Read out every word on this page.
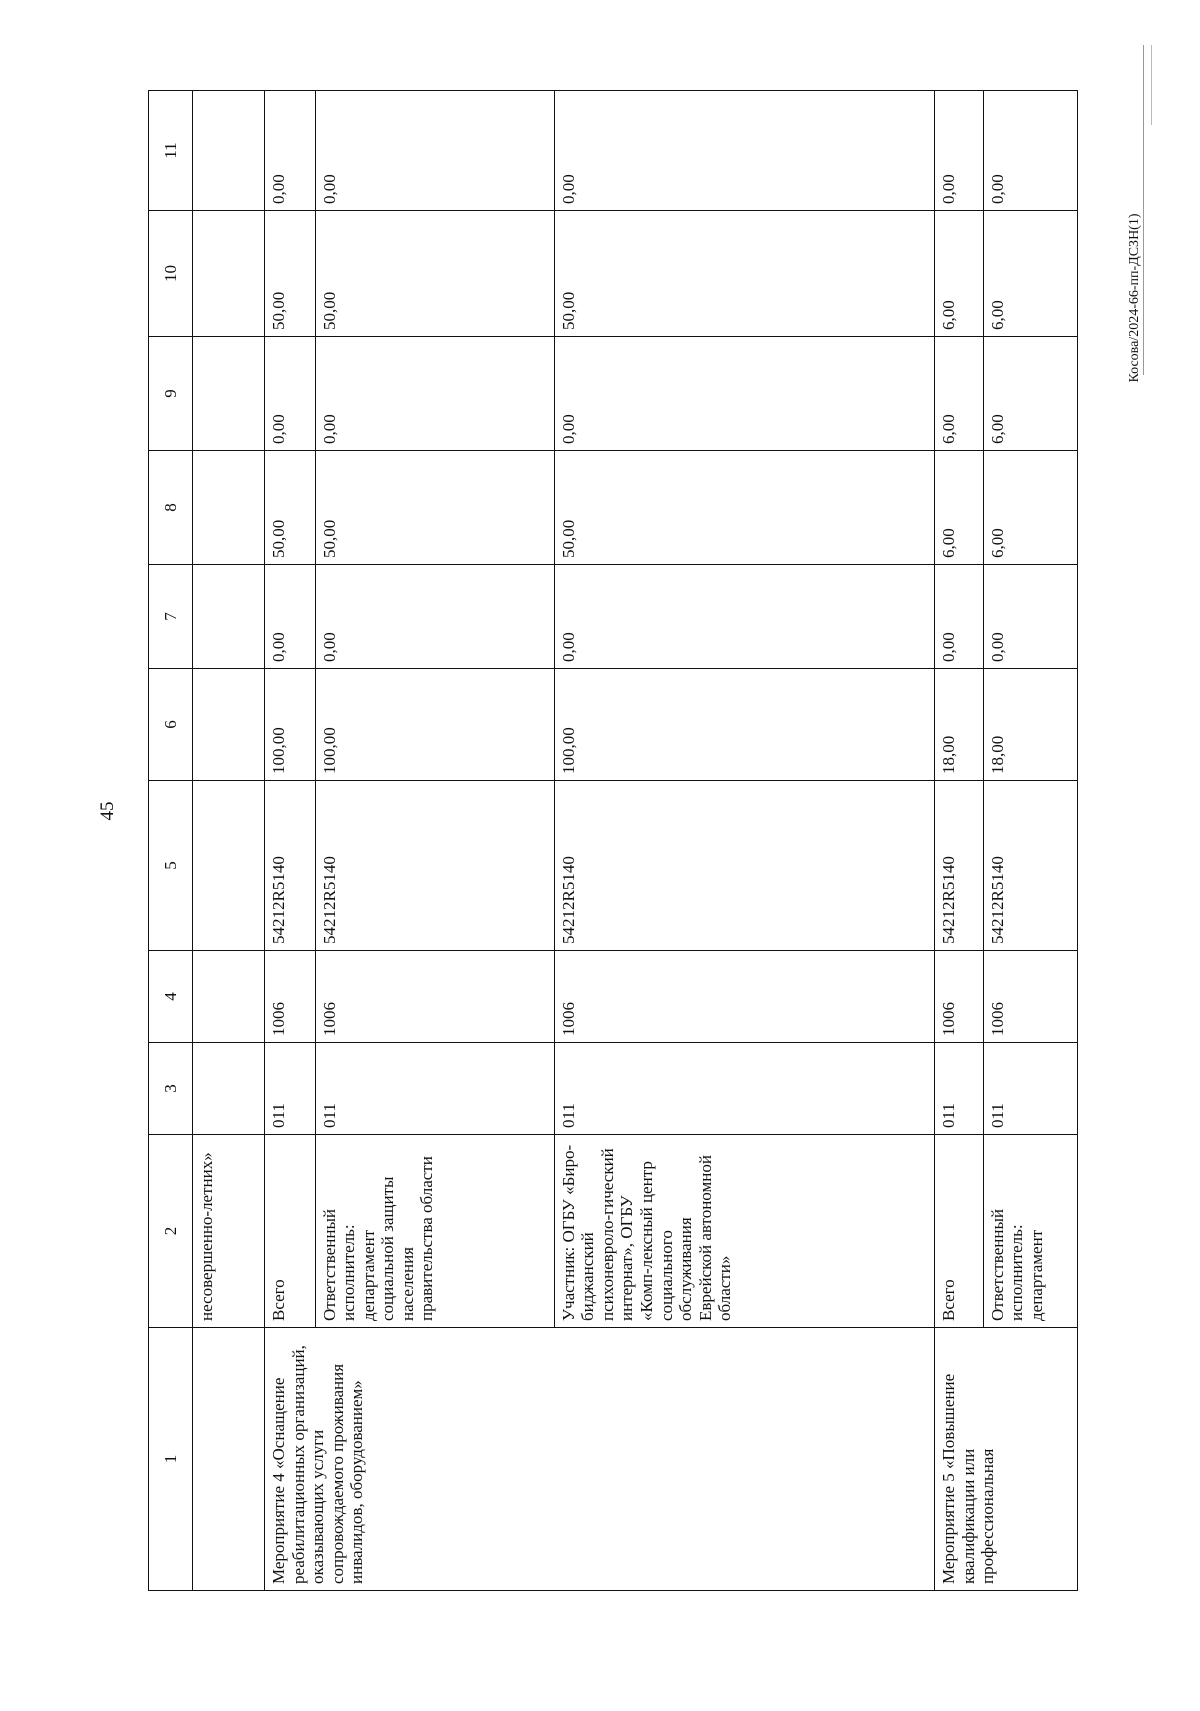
45
Косова/2024-66-пп-ДСЗН(1)
1	2	3	4	5	6	7	8	9	10	11
	несовершенно-летних»									
Мероприятие 4 «Оснащение реабилитационных организаций, оказывающих услуги сопровождаемого проживания инвалидов, оборудованием»	Всего	011	1006	54212R5140	100,00	0,00	50,00	0,00	50,00	0,00
	Ответственный исполнитель: департамент социальной защиты населения правительства области	011	1006	54212R5140	100,00	0,00	50,00	0,00	50,00	0,00
	Участник: ОГБУ «Биро-биджанский психоневроло-гический интернат», ОГБУ «Комп-лексный центр социального обслуживания Еврейской автономной области»	011	1006	54212R5140	100,00	0,00	50,00	0,00	50,00	0,00
Мероприятие 5 «Повышение квалификации или профессиональная	Всего	011	1006	54212R5140	18,00	0,00	6,00	6,00	6,00	0,00
	Ответственный исполнитель: департамент	011	1006	54212R5140	18,00	0,00	6,00	6,00	6,00	0,00
